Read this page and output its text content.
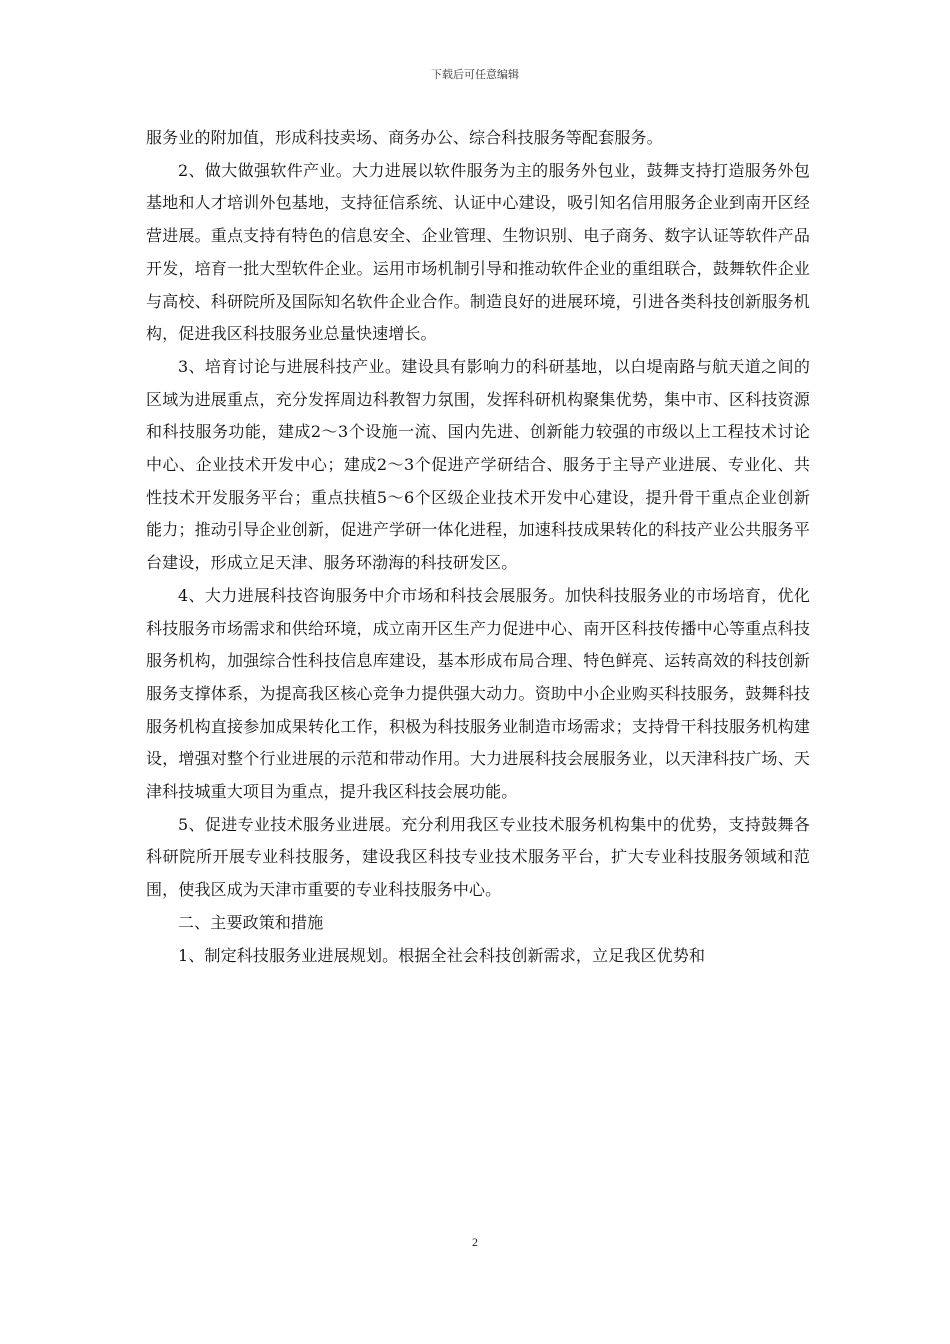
下载后可任意编辑

服务业的附加值，形成科技卖场、商务办公、综合科技服务等配套服务。

2、做大做强软件产业。大力进展以软件服务为主的服务外包业，鼓舞支持打造服务外包基地和人才培训外包基地，支持征信系统、认证中心建设，吸引知名信用服务企业到南开区经营进展。重点支持有特色的信息安全、企业管理、生物识别、电子商务、数字认证等软件产品开发，培育一批大型软件企业。运用市场机制引导和推动软件企业的重组联合，鼓舞软件企业与高校、科研院所及国际知名软件企业合作。制造良好的进展环境，引进各类科技创新服务机构，促进我区科技服务业总量快速增长。

3、培育讨论与进展科技产业。建设具有影响力的科研基地，以白堤南路与航天道之间的区域为进展重点，充分发挥周边科教智力氛围，发挥科研机构聚集优势，集中市、区科技资源和科技服务功能，建成2～3个设施一流、国内先进、创新能力较强的市级以上工程技术讨论中心、企业技术开发中心；建成2～3个促进产学研结合、服务于主导产业进展、专业化、共性技术开发服务平台；重点扶植5～6个区级企业技术开发中心建设，提升骨干重点企业创新能力；推动引导企业创新，促进产学研一体化进程，加速科技成果转化的科技产业公共服务平台建设，形成立足天津、服务环渤海的科技研发区。

4、大力进展科技咨询服务中介市场和科技会展服务。加快科技服务业的市场培育，优化科技服务市场需求和供给环境，成立南开区生产力促进中心、南开区科技传播中心等重点科技服务机构，加强综合性科技信息库建设，基本形成布局合理、特色鲜亮、运转高效的科技创新服务支撑体系，为提高我区核心竞争力提供强大动力。资助中小企业购买科技服务，鼓舞科技服务机构直接参加成果转化工作，积极为科技服务业制造市场需求；支持骨干科技服务机构建设，增强对整个行业进展的示范和带动作用。大力进展科技会展服务业，以天津科技广场、天津科技城重大项目为重点，提升我区科技会展功能。

5、促进专业技术服务业进展。充分利用我区专业技术服务机构集中的优势，支持鼓舞各科研院所开展专业科技服务，建设我区科技专业技术服务平台，扩大专业科技服务领域和范围，使我区成为天津市重要的专业科技服务中心。

二、主要政策和措施

1、制定科技服务业进展规划。根据全社会科技创新需求，立足我区优势和

2
